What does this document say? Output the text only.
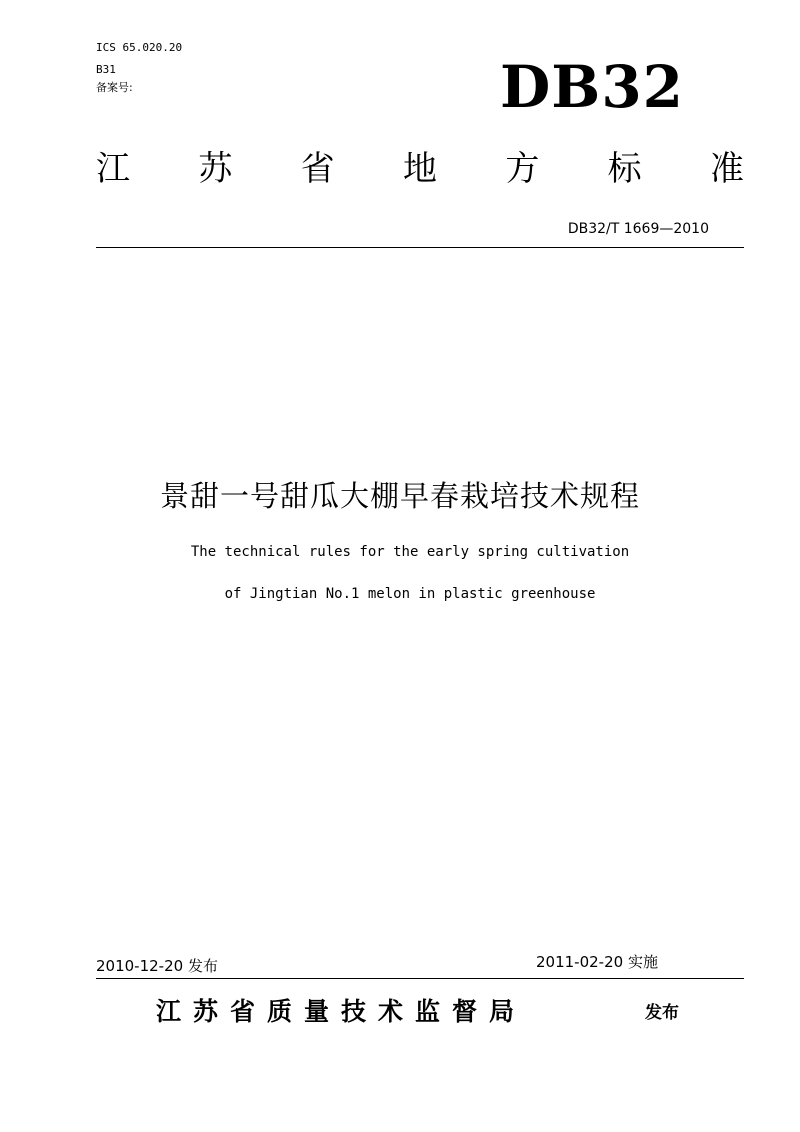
ICS 65.020.20
B31
备案号:	DB32
江 苏 省 地 方 标 准
DB32/T 1669—2010
景甜一号甜瓜大棚早春栽培技术规程
The technical rules for the early spring cultivation
of Jingtian No.1 melon in plastic greenhouse
2010-12-20 发布	2011-02-20 实施
江苏省质量技术监督局	发布
